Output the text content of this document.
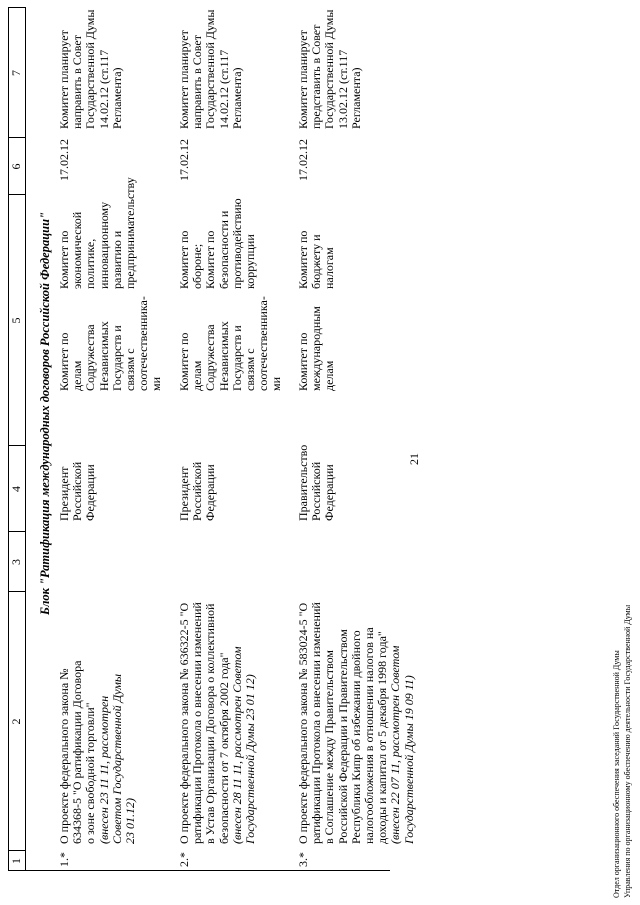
21
1
2
3
4
5
6
7
Блок "Ратификация международных договоров Российской Федерации"
1.*
О проекте федерального закона № 634368-5 "О ратификации Договора о зоне свободной торговли"
(внесен 23 11 11, рассмотрен Советом Государственной Думы 23 01.12)
Президент Российской Федерации
Комитет по делам Содружества Независимых Государств и связям с соотечественника-ми
Комитет по экономической политике, инновационному развитию и предпринимательству
17.02.12
Комитет планирует направить в Совет Государственной Думы 14.02.12 (ст.117 Регламента)
2.*
О проекте федерального закона № 636322-5 "О ратификации Протокола о внесении изменений в Устав Организации Договора о коллективной безопасности от 7 октября 2002 года"
(внесен 28 11 11, рассмотрен Советом Государственной Думы 23 01 12)
Президент Российской Федерации
Комитет по делам Содружества Независимых Государств и связям с соотечественника-ми
Комитет по обороне; Комитет по безопасности и противодействию коррупции
17.02.12
Комитет планирует направить в Совет Государственной Думы 14.02.12 (ст.117 Регламента)
3.*
О проекте федерального закона № 583024-5 "О ратификации Протокола о внесении изменений в Соглашение между Правительством Российской Федерации и Правительством Республики Кипр об избежании двойного налогообложения в отношении налогов на доходы и капитал от 5 декабря 1998 года"
(внесен 22 07 11, рассмотрен Советом Государственной Думы 19 09 11)
Правительство Российской Федерации
Комитет по международным делам
Комитет по бюджету и налогам
17.02.12
Комитет планирует представить в Совет Государственной Думы 13.02.12 (ст.117 Регламента)
Отдел организационного обеспечения заседаний Государственной Думы Управления по организационному обеспечению деятельности Государственной Думы
